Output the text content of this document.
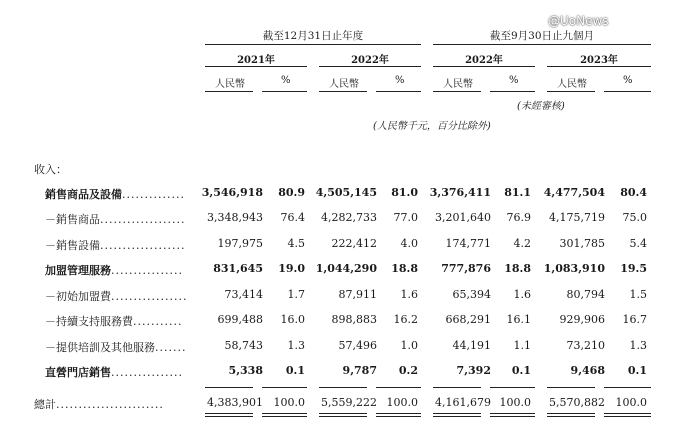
@UoNews
截至12月31日止年度	截至9月30日止九個月
2021年	2022年	2022年	2023年
人民幣	%	人民幣	%	人民幣	%	人民幣	%
(未經審核)
(人民幣千元，百分比除外)
收入：
銷售商品及設備.............. 3,546,918 80.9 4,505,145 81.0 3,376,411 81.1 4,477,504 80.4
－銷售商品................... 3,348,943 76.4 4,282,733 77.0 3,201,640 76.9 4,175,719 75.0
－銷售設備...................	197,975 4.5 222,412 4.0	174,771 4.2	301,785 5.4
加盟管理服務................	831,645 19.0 1,044,290 18.8 777,876 18.8 1,083,910 19.5
－初始加盟費.................	73,414 1.7	87,911 1.6	65,394 1.6	80,794 1.5
－持續支持服務費...........	699,488 16.0 898,883 16.2	668,291 16.1	929,906 16.7
－提供培訓及其他服務.......	58,743 1.3	57,496 1.0	44,191 1.1	73,210 1.3
直營門店銷售................	5,338 0.1	9,787 0.2	7,392 0.1	9,468 0.1
總計........................	4,383,901 100.0 5,559,222 100.0 4,161,679 100.0 5,570,882 100.0
